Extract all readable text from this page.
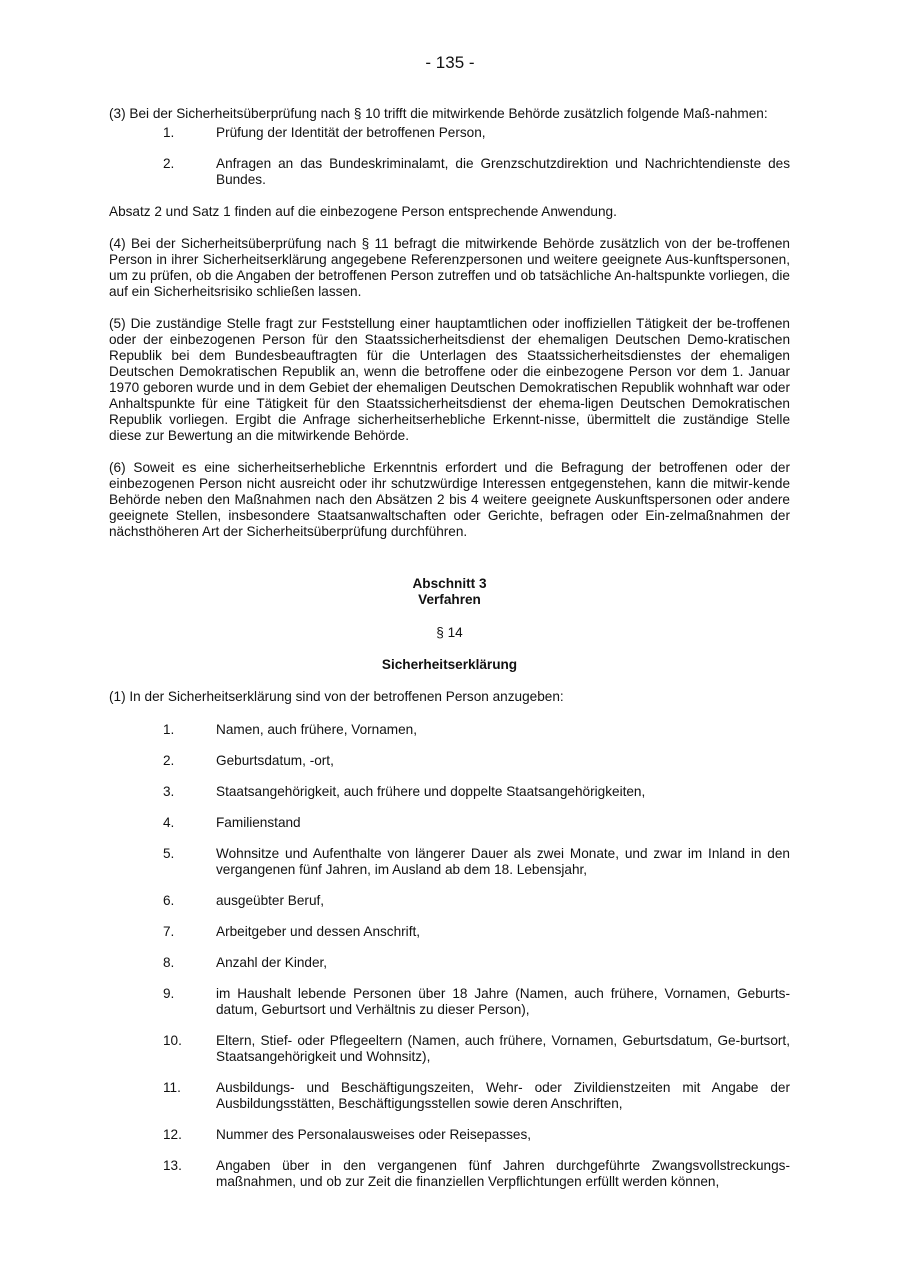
- 135 -

(3) Bei der Sicherheitsüberprüfung nach § 10 trifft die mitwirkende Behörde zusätzlich folgende Maß-nahmen:

1.	Prüfung der Identität der betroffenen Person,
2.	Anfragen an das Bundeskriminalamt, die Grenzschutzdirektion und Nachrichtendienste des Bundes.

Absatz 2 und Satz 1 finden auf die einbezogene Person entsprechende Anwendung.

(4) Bei der Sicherheitsüberprüfung nach § 11 befragt die mitwirkende Behörde zusätzlich von der be-troffenen Person in ihrer Sicherheitserklärung angegebene Referenzpersonen und weitere geeignete Aus-kunftspersonen, um zu prüfen, ob die Angaben der betroffenen Person zutreffen und ob tatsächliche An-haltspunkte vorliegen, die auf ein Sicherheitsrisiko schließen lassen.

(5) Die zuständige Stelle fragt zur Feststellung einer hauptamtlichen oder inoffiziellen Tätigkeit der be-troffenen oder der einbezogenen Person für den Staatssicherheitsdienst der ehemaligen Deutschen Demo-kratischen Republik bei dem Bundesbeauftragten für die Unterlagen des Staatssicherheitsdienstes der ehemaligen Deutschen Demokratischen Republik an, wenn die betroffene oder die einbezogene Person vor dem 1. Januar 1970 geboren wurde und in dem Gebiet der ehemaligen Deutschen Demokratischen Republik wohnhaft war oder Anhaltspunkte für eine Tätigkeit für den Staatssicherheitsdienst der ehema-ligen Deutschen Demokratischen Republik vorliegen. Ergibt die Anfrage sicherheitserhebliche Erkennt-nisse, übermittelt die zuständige Stelle diese zur Bewertung an die mitwirkende Behörde.

(6) Soweit es eine sicherheitserhebliche Erkenntnis erfordert und die Befragung der betroffenen oder der einbezogenen Person nicht ausreicht oder ihr schutzwürdige Interessen entgegenstehen, kann die mitwir-kende Behörde neben den Maßnahmen nach den Absätzen 2 bis 4 weitere geeignete Auskunftspersonen oder andere geeignete Stellen, insbesondere Staatsanwaltschaften oder Gerichte, befragen oder Ein-zelmaßnahmen der nächsthöheren Art der Sicherheitsüberprüfung durchführen.

Abschnitt 3
Verfahren
§ 14
Sicherheitserklärung

(1) In der Sicherheitserklärung sind von der betroffenen Person anzugeben:

1.	Namen, auch frühere, Vornamen,
2.	Geburtsdatum, -ort,
3.	Staatsangehörigkeit, auch frühere und doppelte Staatsangehörigkeiten,
4.	Familienstand
5.	Wohnsitze und Aufenthalte von längerer Dauer als zwei Monate, und zwar im Inland in den vergangenen fünf Jahren, im Ausland ab dem 18. Lebensjahr,
6.	ausgeübter Beruf,
7.	Arbeitgeber und dessen Anschrift,
8.	Anzahl der Kinder,
9.	im Haushalt lebende Personen über 18 Jahre (Namen, auch frühere, Vornamen, Geburts-datum, Geburtsort und Verhältnis zu dieser Person),
10.	Eltern, Stief- oder Pflegeeltern (Namen, auch frühere, Vornamen, Geburtsdatum, Ge-burtsort, Staatsangehörigkeit und Wohnsitz),
11.	Ausbildungs- und Beschäftigungszeiten, Wehr- oder Zivildienstzeiten mit Angabe der Ausbildungsstätten, Beschäftigungsstellen sowie deren Anschriften,
12.	Nummer des Personalausweises oder Reisepasses,
13.	Angaben über in den vergangenen fünf Jahren durchgeführte Zwangsvollstreckungs-maßnahmen, und ob zur Zeit die finanziellen Verpflichtungen erfüllt werden können,
